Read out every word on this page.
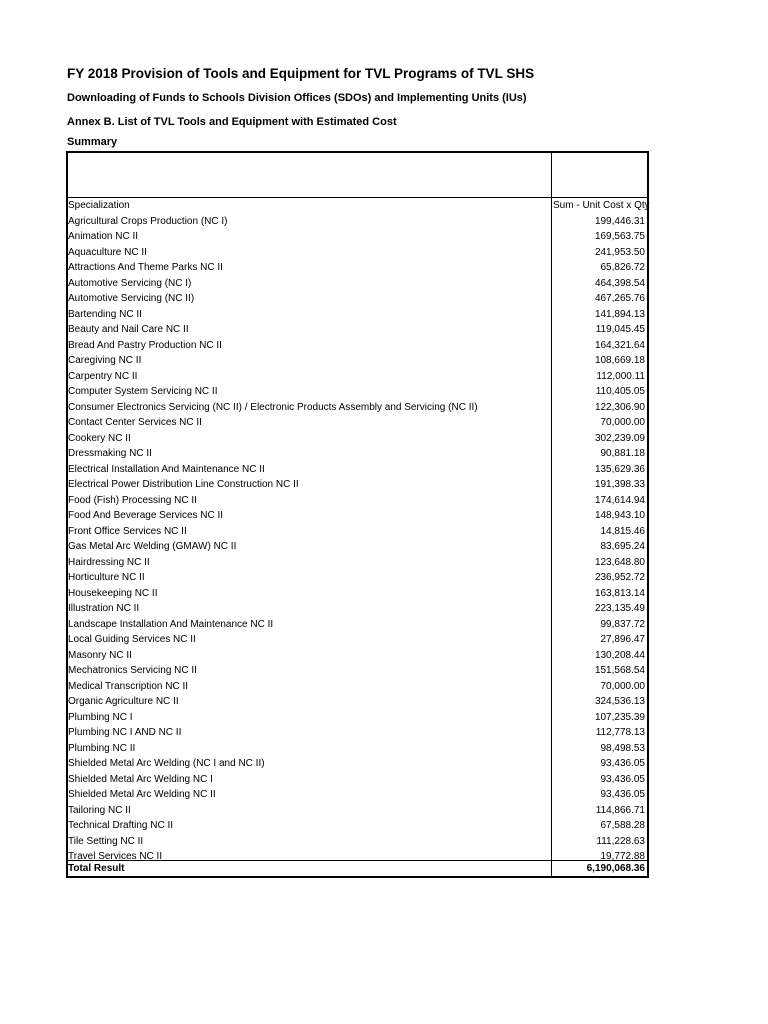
FY 2018 Provision of Tools and Equipment for TVL Programs of TVL SHS
Downloading of Funds to Schools Division Offices (SDOs) and Implementing Units (IUs)
Annex B. List of TVL Tools and Equipment with Estimated Cost
Summary
Specialization	Sum - Unit Cost x Qty
Agricultural Crops Production (NC I)	199,446.31
Animation NC II	169,563.75
Aquaculture NC II	241,953.50
Attractions And Theme Parks NC II	65,826.72
Automotive Servicing (NC I)	464,398.54
Automotive Servicing (NC II)	467,265.76
Bartending NC II	141,894.13
Beauty and Nail Care NC II	119,045.45
Bread And Pastry Production NC II	164,321.64
Caregiving NC II	108,669.18
Carpentry NC II	112,000.11
Computer System Servicing NC II	110,405.05
Consumer Electronics Servicing (NC II) / Electronic Products Assembly and Servicing (NC II)	122,306.90
Contact Center Services NC II	70,000.00
Cookery NC II	302,239.09
Dressmaking NC II	90,881.18
Electrical Installation And Maintenance NC II	135,629.36
Electrical Power Distribution Line Construction NC II	191,398.33
Food (Fish) Processing NC II	174,614.94
Food And Beverage Services NC II	148,943.10
Front Office Services NC II	14,815.46
Gas Metal Arc Welding (GMAW) NC II	83,695.24
Hairdressing NC II	123,648.80
Horticulture NC II	236,952.72
Housekeeping NC II	163,813.14
Illustration NC II	223,135.49
Landscape Installation And Maintenance NC II	99,837.72
Local Guiding Services NC II	27,896.47
Masonry NC II	130,208.44
Mechatronics Servicing NC II	151,568.54
Medical Transcription NC II	70,000.00
Organic Agriculture NC II	324,536.13
Plumbing NC I	107,235.39
Plumbing NC I AND NC II	112,778.13
Plumbing NC II	98,498.53
Shielded Metal Arc Welding (NC I and NC II)	93,436.05
Shielded Metal Arc Welding NC I	93,436.05
Shielded Metal Arc Welding NC II	93,436.05
Tailoring NC II	114,866.71
Technical Drafting NC II	67,588.28
Tile Setting NC II	111,228.63
Travel Services NC II	19,772.88
Total Result	6,190,068.36
